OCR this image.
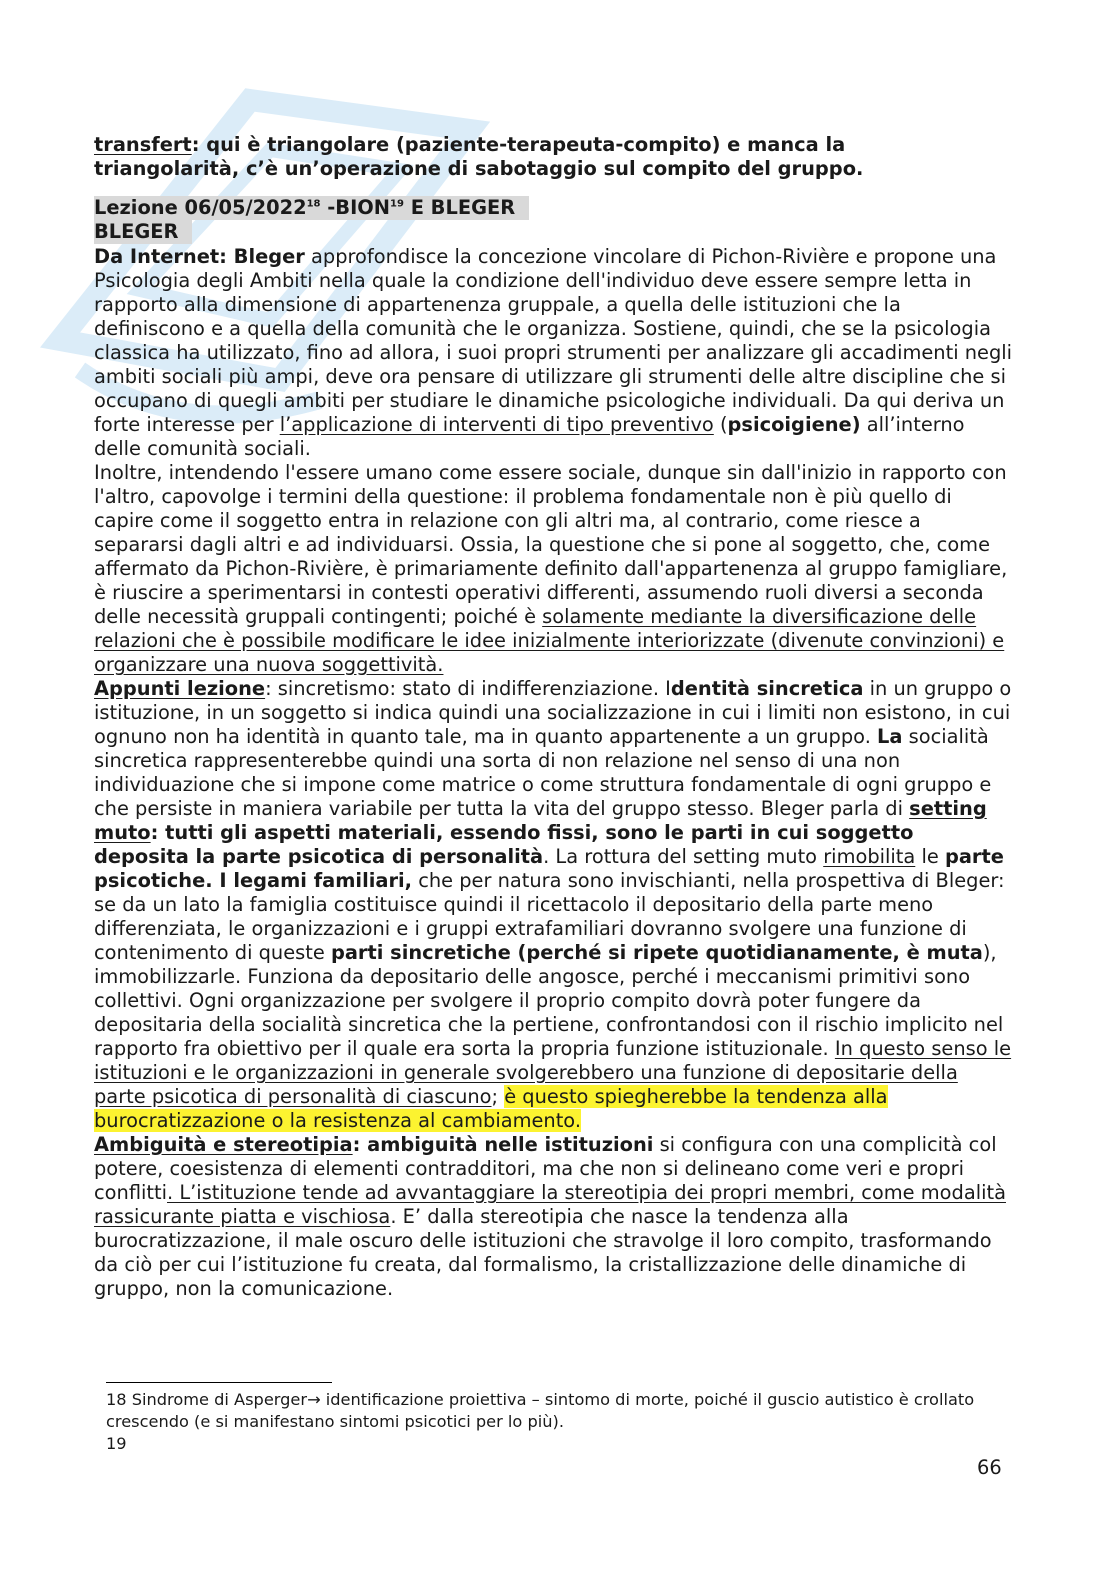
transfert: qui è triangolare (paziente-terapeuta-compito) e manca la triangolarità, c’è un’operazione di sabotaggio sul compito del gruppo.

Lezione 06/05/2022$^{18}$ -BION$^{19}$ E BLEGER
BLEGER

Da Internet: Bleger approfondisce la concezione vincolare di Pichon-Rivière e propone una Psicologia degli Ambiti nella quale la condizione dell'individuo deve essere sempre letta in rapporto alla dimensione di appartenenza gruppale, a quella delle istituzioni che la definiscono e a quella della comunità che le organizza. Sostiene, quindi, che se la psicologia classica ha utilizzato, fino ad allora, i suoi propri strumenti per analizzare gli accadimenti negli ambiti sociali più ampi, deve ora pensare di utilizzare gli strumenti delle altre discipline che si occupano di quegli ambiti per studiare le dinamiche psicologiche individuali. Da qui deriva un forte interesse per l’applicazione di interventi di tipo preventivo (psicoigiene) all’interno delle comunità sociali.

Inoltre, intendendo l'essere umano come essere sociale, dunque sin dall'inizio in rapporto con l'altro, capovolge i termini della questione: il problema fondamentale non è più quello di capire come il soggetto entra in relazione con gli altri ma, al contrario, come riesce a separarsi dagli altri e ad individuarsi. Ossia, la questione che si pone al soggetto, che, come affermato da Pichon-Rivière, è primariamente definito dall'appartenenza al gruppo famigliare, è riuscire a sperimentarsi in contesti operativi differenti, assumendo ruoli diversi a seconda delle necessità gruppali contingenti; poiché è solamente mediante la diversificazione delle relazioni che è possibile modificare le idee inizialmente interiorizzate (divenute convinzioni) e organizzare una nuova soggettività.

Appunti lezione: sincretismo: stato di indifferenziazione. Identità sincretica in un gruppo o istituzione, in un soggetto si indica quindi una socializzazione in cui i limiti non esistono, in cui ognuno non ha identità in quanto tale, ma in quanto appartenente a un gruppo. La socialità sincretica rappresenterebbe quindi una sorta di non relazione nel senso di una non individuazione che si impone come matrice o come struttura fondamentale di ogni gruppo e che persiste in maniera variabile per tutta la vita del gruppo stesso. Bleger parla di setting muto: tutti gli aspetti materiali, essendo fissi, sono le parti in cui soggetto deposita la parte psicotica di personalità. La rottura del setting muto rimobilita le parte psicotiche. I legami familiari, che per natura sono invischianti, nella prospettiva di Bleger: se da un lato la famiglia costituisce quindi il ricettacolo il depositario della parte meno differenziata, le organizzazioni e i gruppi extrafamiliari dovranno svolgere una funzione di contenimento di queste parti sincretiche (perché si ripete quotidianamente, è muta), immobilizzarle. Funziona da depositario delle angosce, perché i meccanismi primitivi sono collettivi. Ogni organizzazione per svolgere il proprio compito dovrà poter fungere da depositaria della socialità sincretica che la pertiene, confrontandosi con il rischio implicito nel rapporto fra obiettivo per il quale era sorta la propria funzione istituzionale. In questo senso le istituzioni e le organizzazioni in generale svolgerebbero una funzione di depositarie della parte psicotica di personalità di ciascuno; è questo spiegherebbe la tendenza alla burocratizzazione o la resistenza al cambiamento.

Ambiguità e stereotipia: ambiguità nelle istituzioni si configura con una complicità col potere, coesistenza di elementi contradditori, ma che non si delineano come veri e propri conflitti. L’istituzione tende ad avvantaggiare la stereotipia dei propri membri, come modalità rassicurante piatta e vischiosa. E’ dalla stereotipia che nasce la tendenza alla burocratizzazione, il male oscuro delle istituzioni che stravolge il loro compito, trasformando da ciò per cui l’istituzione fu creata, dal formalismo, la cristallizzazione delle dinamiche di gruppo, non la comunicazione.

18 Sindrome di Asperger→ identificazione proiettiva – sintomo di morte, poiché il guscio autistico è crollato crescendo (e si manifestano sintomi psicotici per lo più).

19

66
